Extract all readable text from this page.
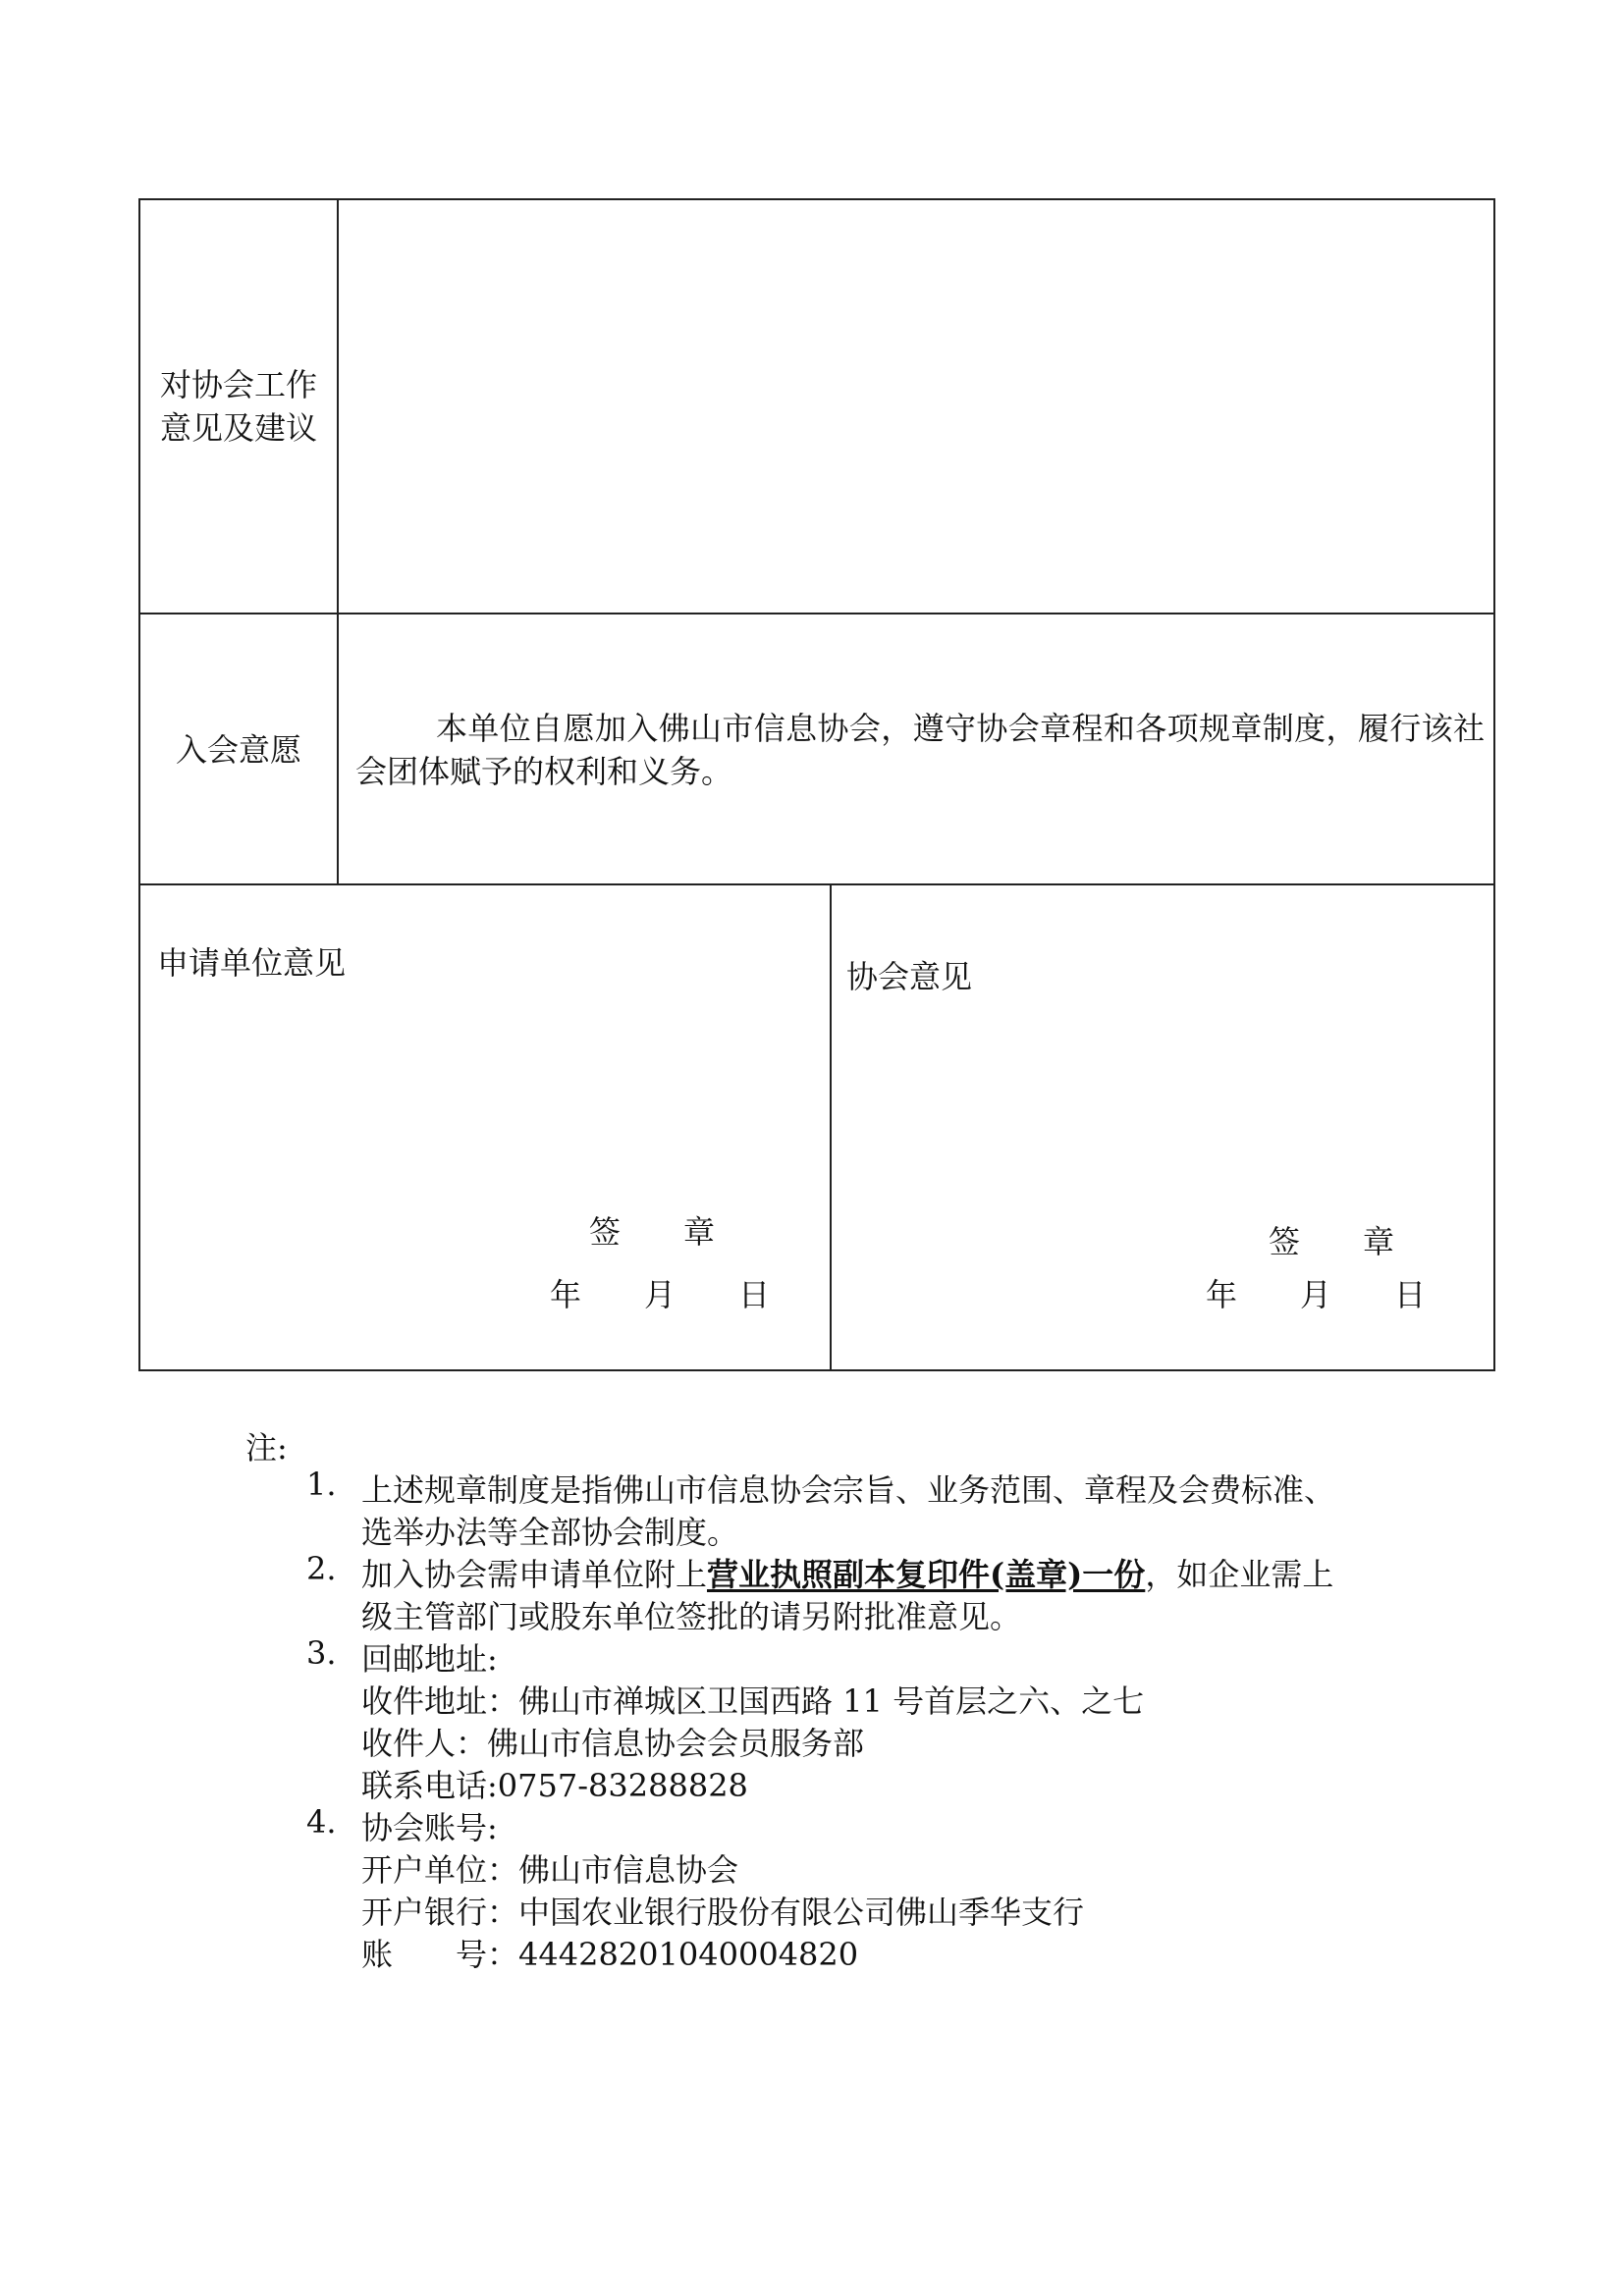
对协会工作
意见及建议
入会意愿
本单位自愿加入佛山市信息协会，遵守协会章程和各项规章制度，履行该社会团体赋予的权利和义务。
申请单位意见
签　　章
年　　月　　日
协会意见
签　　章
年　　月　　日
注:
1. 上述规章制度是指佛山市信息协会宗旨、业务范围、章程及会费标准、
选举办法等全部协会制度。
2. 加入协会需申请单位附上营业执照副本复印件(盖章)一份，如企业需上
级主管部门或股东单位签批的请另附批准意见。
3. 回邮地址:
收件地址：佛山市禅城区卫国西路 11 号首层之六、之七
收件人：佛山市信息协会会员服务部
联系电话:0757-83288828
4. 协会账号:
开户单位：佛山市信息协会
开户银行：中国农业银行股份有限公司佛山季华支行
账　　号：44428201040004820
